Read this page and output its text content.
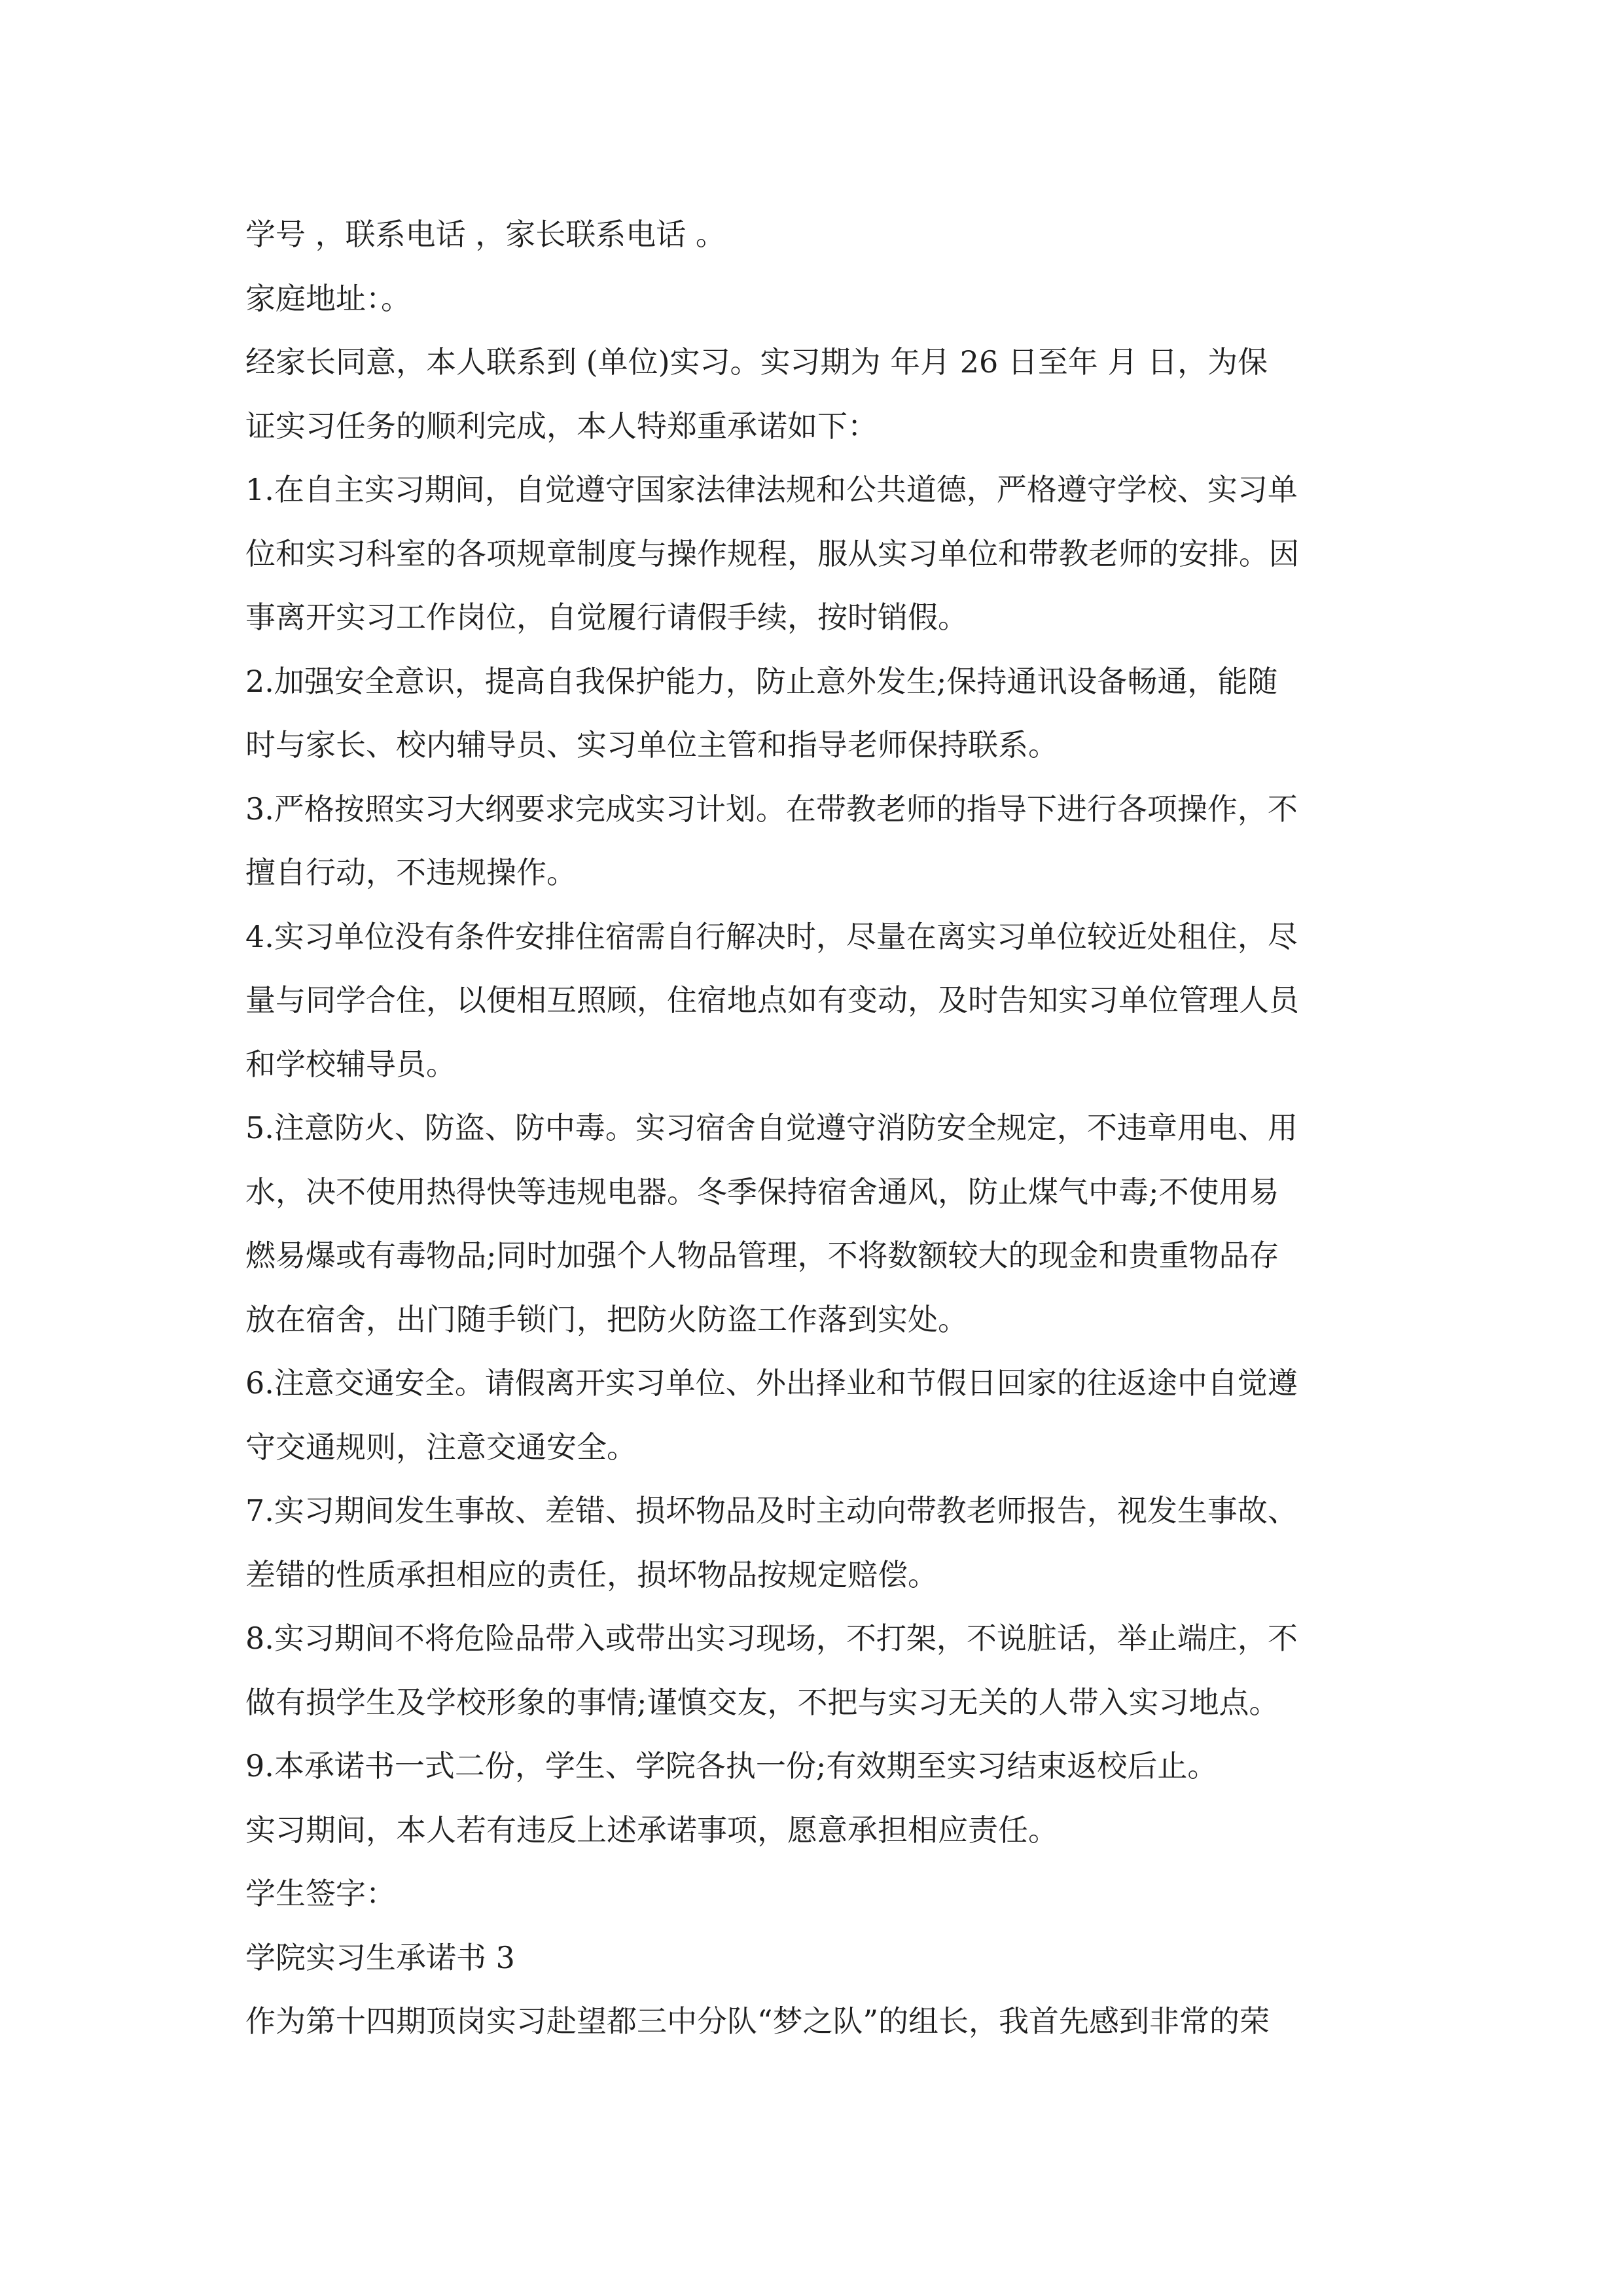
学号 ，联系电话 ，家长联系电话 。

家庭地址：。

经家长同意，本人联系到 (单位)实习。实习期为 年月 26 日至年 月 日，为保

证实习任务的顺利完成，本人特郑重承诺如下：

1.在自主实习期间，自觉遵守国家法律法规和公共道德，严格遵守学校、实习单

位和实习科室的各项规章制度与操作规程，服从实习单位和带教老师的安排。因

事离开实习工作岗位，自觉履行请假手续，按时销假。

2.加强安全意识，提高自我保护能力，防止意外发生;保持通讯设备畅通，能随

时与家长、校内辅导员、实习单位主管和指导老师保持联系。

3.严格按照实习大纲要求完成实习计划。在带教老师的指导下进行各项操作，不

擅自行动，不违规操作。

4.实习单位没有条件安排住宿需自行解决时，尽量在离实习单位较近处租住，尽

量与同学合住，以便相互照顾，住宿地点如有变动，及时告知实习单位管理人员

和学校辅导员。

5.注意防火、防盗、防中毒。实习宿舍自觉遵守消防安全规定，不违章用电、用

水，决不使用热得快等违规电器。冬季保持宿舍通风，防止煤气中毒;不使用易

燃易爆或有毒物品;同时加强个人物品管理，不将数额较大的现金和贵重物品存

放在宿舍，出门随手锁门，把防火防盗工作落到实处。

6.注意交通安全。请假离开实习单位、外出择业和节假日回家的往返途中自觉遵

守交通规则，注意交通安全。

7.实习期间发生事故、差错、损坏物品及时主动向带教老师报告，视发生事故、

差错的性质承担相应的责任，损坏物品按规定赔偿。

8.实习期间不将危险品带入或带出实习现场，不打架，不说脏话，举止端庄，不

做有损学生及学校形象的事情;谨慎交友，不把与实习无关的人带入实习地点。

9.本承诺书一式二份，学生、学院各执一份;有效期至实习结束返校后止。

实习期间，本人若有违反上述承诺事项，愿意承担相应责任。

学生签字：

学院实习生承诺书 3

作为第十四期顶岗实习赴望都三中分队“梦之队”的组长，我首先感到非常的荣
